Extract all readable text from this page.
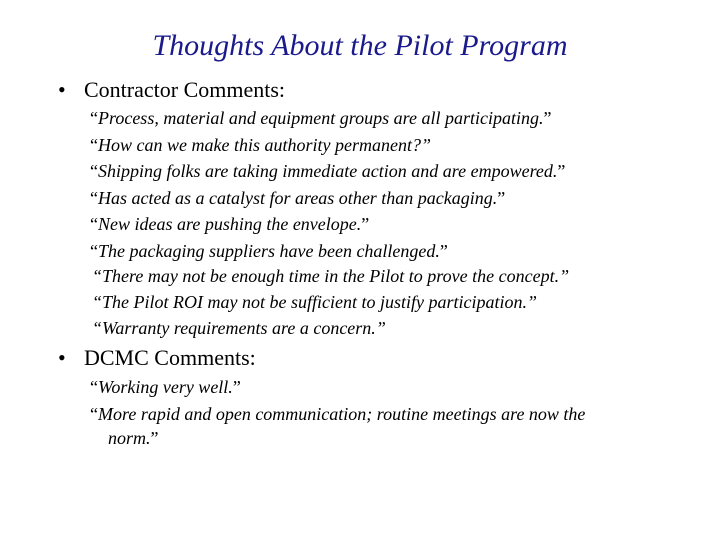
Thoughts About the Pilot Program
• Contractor Comments:
“Process, material and equipment groups are all participating.”
“How can we make this authority permanent?”
“Shipping folks are taking immediate action and are empowered.”
“Has acted as a catalyst for areas other than packaging.”
“New ideas are pushing the envelope.”
“The packaging suppliers have been challenged.”
“There may not be enough time in the Pilot to prove the concept.”
“The Pilot ROI may not be sufficient to justify participation.”
“Warranty requirements are a concern.”
• DCMC Comments:
“Working very well.”
“More rapid and open communication; routine meetings are now the
norm.”
